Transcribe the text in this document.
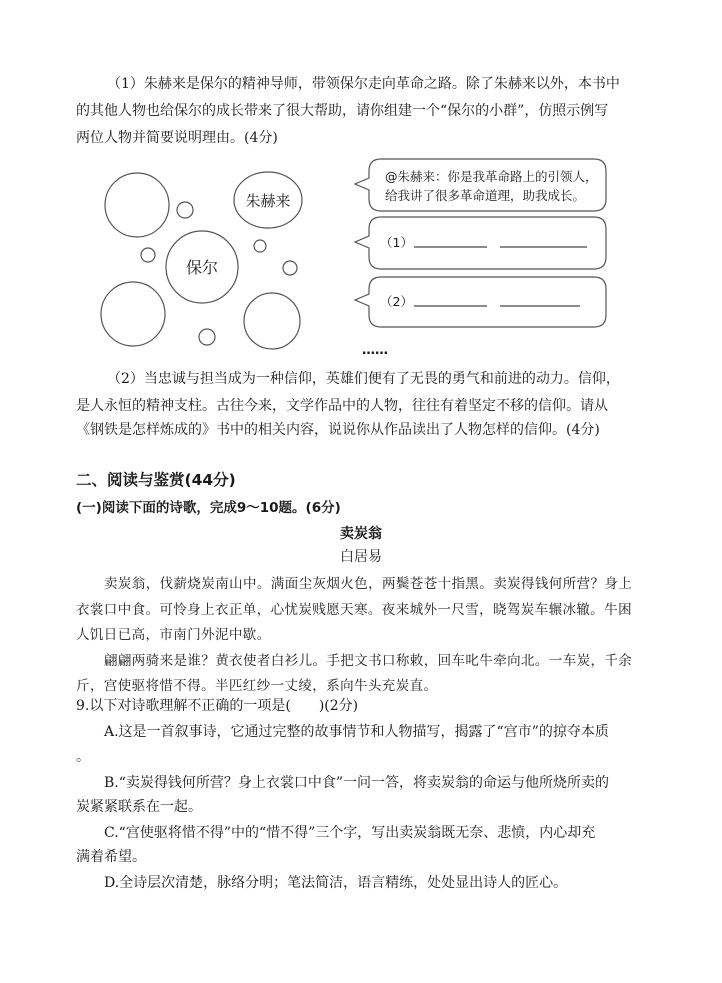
（1）朱赫来是保尔的精神导师，带领保尔走向革命之路。除了朱赫来以外，本书中
的其他人物也给保尔的成长带来了很大帮助，请你组建一个“保尔的小群”，仿照示例写
两位人物并简要说明理由。(4分)
保尔
朱赫来
@朱赫来：你是我革命路上的引领人，
给我讲了很多革命道理，助我成长。
（1）
（2）
……
（2）当忠诚与担当成为一种信仰，英雄们便有了无畏的勇气和前进的动力。信仰，
是人永恒的精神支柱。古往今来，文学作品中的人物，往往有着坚定不移的信仰。请从
《钢铁是怎样炼成的》书中的相关内容，说说你从作品读出了人物怎样的信仰。(4分)
二、阅读与鉴赏(44分)
(一)阅读下面的诗歌，完成9～10题。(6分)
卖炭翁
白居易
卖炭翁，伐薪烧炭南山中。满面尘灰烟火色，两鬓苍苍十指黑。卖炭得钱何所营？身上
衣裳口中食。可怜身上衣正单，心忧炭贱愿天寒。夜来城外一尺雪，晓驾炭车辗冰辙。牛困
人饥日已高，市南门外泥中歇。
翩翩两骑来是谁？黄衣使者白衫儿。手把文书口称敕，回车叱牛牵向北。一车炭，千余
斤，宫使驱将惜不得。半匹红纱一丈绫，系向牛头充炭直。
9.以下对诗歌理解不正确的一项是(　　)(2分)
A.这是一首叙事诗，它通过完整的故事情节和人物描写，揭露了“宫市”的掠夺本质
。
B.“卖炭得钱何所营？身上衣裳口中食”一问一答，将卖炭翁的命运与他所烧所卖的
炭紧紧联系在一起。
C.“宫使驱将惜不得”中的“惜不得”三个字，写出卖炭翁既无奈、悲愤，内心却充
满着希望。
D.全诗层次清楚，脉络分明；笔法简洁，语言精练，处处显出诗人的匠心。
